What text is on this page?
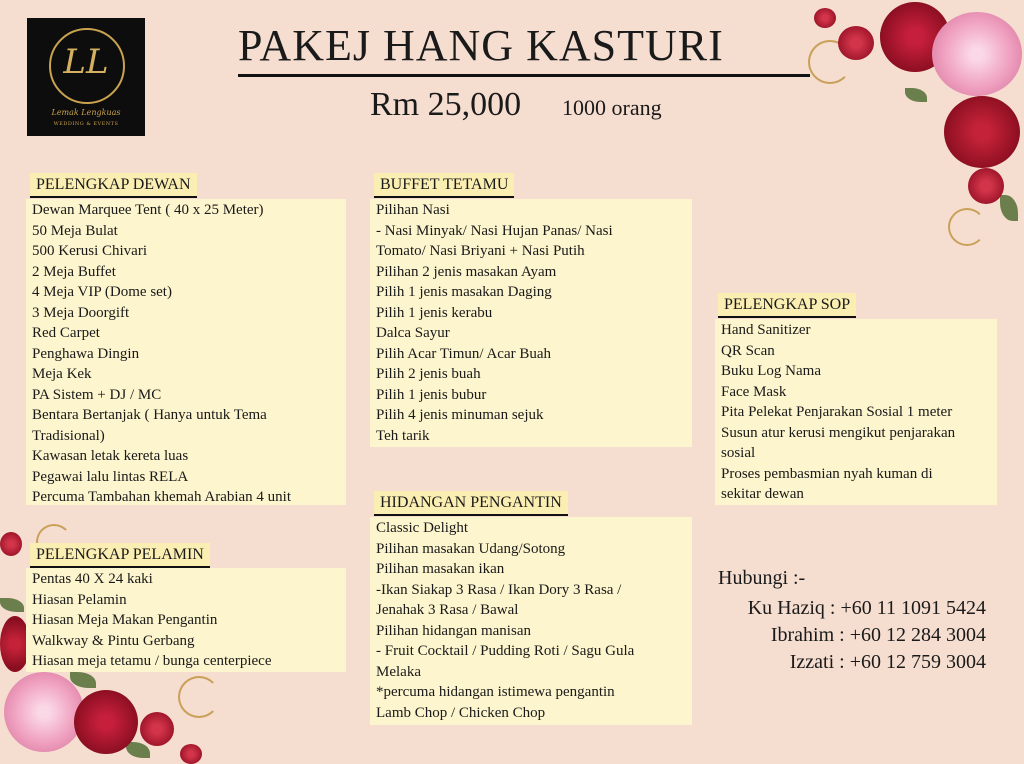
LL
Lemak Lengkuas
WEDDING & EVENTS
PAKEJ HANG KASTURI
Rm 25,000 1000 orang
PELENGKAP DEWAN
Dewan Marquee Tent ( 40 x 25 Meter)
50 Meja Bulat
500 Kerusi Chivari
2 Meja Buffet
4 Meja VIP (Dome set)
3 Meja Doorgift
Red Carpet
Penghawa Dingin
Meja Kek
PA Sistem + DJ / MC
Bentara Bertanjak ( Hanya untuk Tema
Tradisional)
Kawasan letak kereta luas
Pegawai lalu lintas RELA
Percuma Tambahan khemah Arabian 4 unit
PELENGKAP PELAMIN
Pentas 40 X 24 kaki
Hiasan Pelamin
Hiasan Meja Makan Pengantin
Walkway & Pintu Gerbang
Hiasan meja tetamu / bunga centerpiece
BUFFET TETAMU
Pilihan Nasi
- Nasi Minyak/ Nasi Hujan Panas/ Nasi
Tomato/ Nasi Briyani + Nasi Putih
Pilihan 2 jenis masakan Ayam
Pilih 1 jenis masakan Daging
Pilih 1 jenis kerabu
Dalca Sayur
Pilih Acar Timun/ Acar Buah
Pilih 2 jenis buah
Pilih 1 jenis bubur
Pilih 4 jenis minuman sejuk
Teh tarik
HIDANGAN PENGANTIN
Classic Delight
Pilihan masakan Udang/Sotong
Pilihan masakan ikan
-Ikan Siakap 3 Rasa / Ikan Dory 3 Rasa /
Jenahak 3 Rasa / Bawal
Pilihan hidangan manisan
- Fruit Cocktail / Pudding Roti / Sagu Gula
Melaka
*percuma hidangan istimewa pengantin
Lamb Chop / Chicken Chop
PELENGKAP SOP
Hand Sanitizer
QR Scan
Buku Log Nama
Face Mask
Pita Pelekat Penjarakan Sosial 1 meter
Susun atur kerusi mengikut penjarakan
sosial
Proses pembasmian nyah kuman di
sekitar dewan
Hubungi :-
Ku Haziq : +60 11 1091 5424
Ibrahim : +60 12 284 3004
Izzati : +60 12 759 3004
